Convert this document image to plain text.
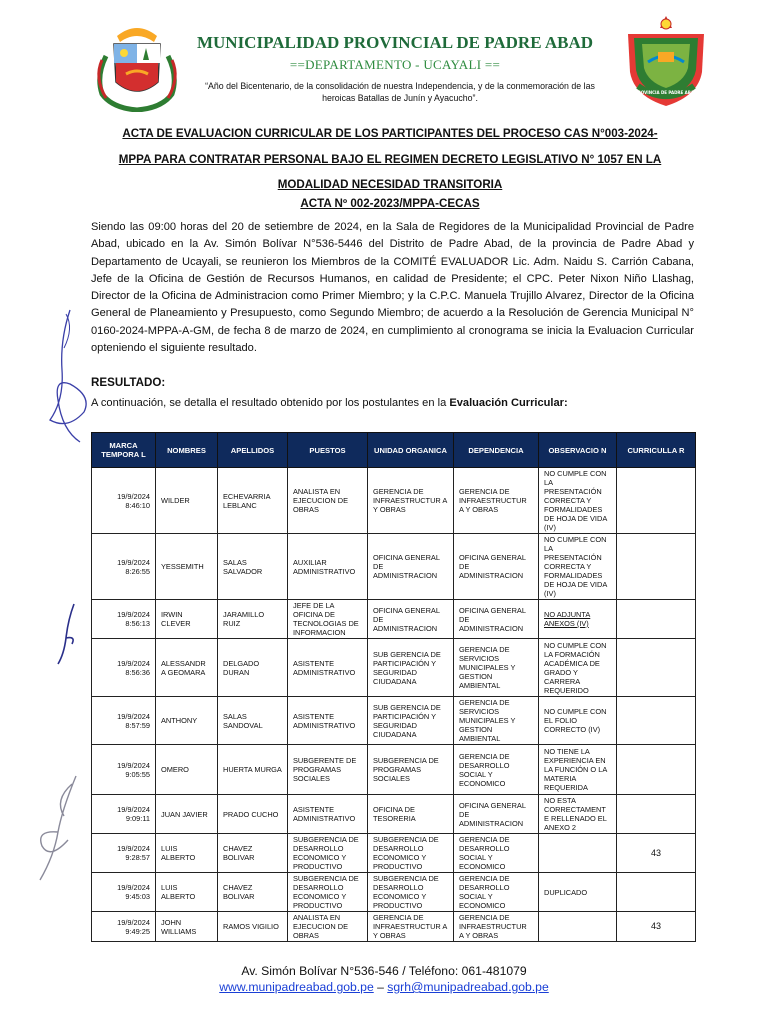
MUNICIPALIDAD PROVINCIAL DE PADRE ABAD
==DEPARTAMENTO - UCAYALI ==
“Año del Bicentenario, de la consolidación de nuestra Independencia, y de la conmemoración de las heroicas Batallas de Junín y Ayacucho”.
PROVINCIA DE PADRE ABAD
ACTA DE EVALUACION CURRICULAR DE LOS PARTICIPANTES DEL PROCESO CAS N°003-2024-
MPPA PARA CONTRATAR PERSONAL BAJO EL REGIMEN DECRETO LEGISLATIVO N° 1057 EN LA
MODALIDAD NECESIDAD TRANSITORIA
ACTA Nº 002-2023/MPPA-CECAS
Siendo las 09:00 horas del 20 de setiembre de 2024, en la Sala de Regidores de la Municipalidad Provincial de Padre Abad, ubicado en la Av. Simón Bolívar N°536-5446 del Distrito de Padre Abad, de la provincia de Padre Abad y Departamento de Ucayali, se reunieron los Miembros de la COMITÉ EVALUADOR Lic. Adm. Naidu S. Carrión Cabana, Jefe de la Oficina de Gestión de Recursos Humanos, en calidad de Presidente; el CPC. Peter Nixon Niño Llashag, Director de la Oficina de Administracion como Primer Miembro; y la C.P.C. Manuela Trujillo Alvarez, Director de la Oficina General de Planeamiento y Presupuesto, como Segundo Miembro; de acuerdo a la Resolución de Gerencia Municipal N° 0160-2024-MPPA-A-GM, de fecha 8 de marzo de 2024, en cumplimiento al cronograma se inicia la Evaluacion Curricular opteniendo el siguiente resultado.
RESULTADO:
A continuación, se detalla el resultado obtenido por los postulantes en la Evaluación Curricular:
MARCA TEMPORA L	NOMBRES	APELLIDOS	PUESTOS	UNIDAD ORGANICA	DEPENDENCIA	OBSERVACIO N	CURRICULLA R
19/9/2024
8:46:10	WILDER	ECHEVARRIA LEBLANC	ANALISTA EN EJECUCION DE OBRAS	GERENCIA DE INFRAESTRUCTUR A Y OBRAS	GERENCIA DE INFRAESTRUCTUR A Y OBRAS	NO CUMPLE CON LA PRESENTACIÓN CORRECTA Y FORMALIDADES DE HOJA DE VIDA (IV)	
19/9/2024
8:26:55	YESSEMITH	SALAS SALVADOR	AUXILIAR ADMINISTRATIVO	OFICINA GENERAL DE ADMINISTRACION	OFICINA GENERAL DE ADMINISTRACION	NO CUMPLE CON LA PRESENTACIÓN CORRECTA Y FORMALIDADES DE HOJA DE VIDA (IV)	
19/9/2024
8:56:13	IRWIN CLEVER	JARAMILLO RUIZ	JEFE DE LA OFICINA DE TECNOLOGIAS DE INFORMACION	OFICINA GENERAL DE ADMINISTRACION	OFICINA GENERAL DE ADMINISTRACION	NO ADJUNTA ANEXOS (IV)	
19/9/2024
8:56:36	ALESSANDR A GEOMARA	DELGADO DURAN	ASISTENTE ADMINISTRATIVO	SUB GERENCIA DE PARTICIPACIÓN Y SEGURIDAD CIUDADANA	GERENCIA DE SERVICIOS MUNICIPALES Y GESTION AMBIENTAL	NO CUMPLE CON LA FORMACIÓN ACADÉMICA DE GRADO Y CARRERA REQUERIDO	
19/9/2024
8:57:59	ANTHONY	SALAS SANDOVAL	ASISTENTE ADMINISTRATIVO	SUB GERENCIA DE PARTICIPACIÓN Y SEGURIDAD CIUDADANA	GERENCIA DE SERVICIOS MUNICIPALES Y GESTION AMBIENTAL	NO CUMPLE CON EL FOLIO CORRECTO (IV)	
19/9/2024
9:05:55	OMERO	HUERTA MURGA	SUBGERENTE DE PROGRAMAS SOCIALES	SUBGERENCIA DE PROGRAMAS SOCIALES	GERENCIA DE DESARROLLO SOCIAL Y ECONOMICO	NO TIENE LA EXPERIENCIA EN LA FUNCIÓN O LA MATERIA REQUERIDA	
19/9/2024
9:09:11	JUAN JAVIER	PRADO CUCHO	ASISTENTE ADMINISTRATIVO	OFICINA DE TESORERIA	OFICINA GENERAL DE ADMINISTRACION	NO ESTA CORRECTAMENT E RELLENADO EL ANEXO 2	
19/9/2024
9:28:57	LUIS ALBERTO	CHAVEZ BOLIVAR	SUBGERENCIA DE DESARROLLO ECONOMICO Y PRODUCTIVO	SUBGERENCIA DE DESARROLLO ECONOMICO Y PRODUCTIVO	GERENCIA DE DESARROLLO SOCIAL Y ECONOMICO		43
19/9/2024
9:45:03	LUIS ALBERTO	CHAVEZ BOLIVAR	SUBGERENCIA DE DESARROLLO ECONOMICO Y PRODUCTIVO	SUBGERENCIA DE DESARROLLO ECONOMICO Y PRODUCTIVO	GERENCIA DE DESARROLLO SOCIAL Y ECONOMICO	DUPLICADO	
19/9/2024
9:49:25	JOHN WILLIAMS	RAMOS VIGILIO	ANALISTA EN EJECUCION DE OBRAS	GERENCIA DE INFRAESTRUCTUR A Y OBRAS	GERENCIA DE INFRAESTRUCTUR A Y OBRAS		43
Av. Simón Bolívar N°536-546 / Teléfono: 061-481079
www.munipadreabad.gob.pe – sgrh@munipadreabad.gob.pe
